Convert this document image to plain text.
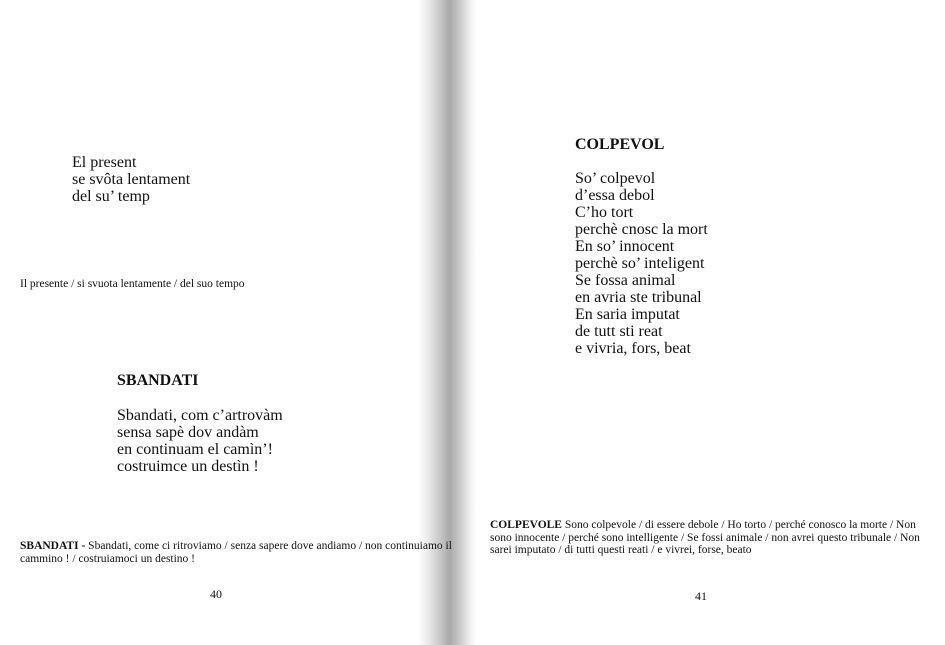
El present
se svôta lentament
del su’ temp
Il presente / si svuota lentamente / del suo tempo
SBANDATI
Sbandati, com c’artrovàm
sensa sapè dov andàm
en continuam el camìn’!
costruimce un destìn !
SBANDATI - Sbandati, come ci ritroviamo / senza sapere dove andiamo / non continuiamo il cammino ! / costruiamoci un destino !
40
COLPEVOL
So’ colpevol
d’essa debol
C’ho tort
perchè cnosc la mort
En so’ innocent
perchè so’ inteligent
Se fossa animal
en avria ste tribunal
En saria imputat
de tutt sti reat
e vivria, fors, beat
COLPEVOLE Sono colpevole / di essere debole / Ho torto / perché conosco la morte / Non sono innocente / perché sono intelligente / Se fossi animale / non avrei questo tribunale / Non sarei imputato / di tutti questi reati / e vivrei, forse, beato
41
